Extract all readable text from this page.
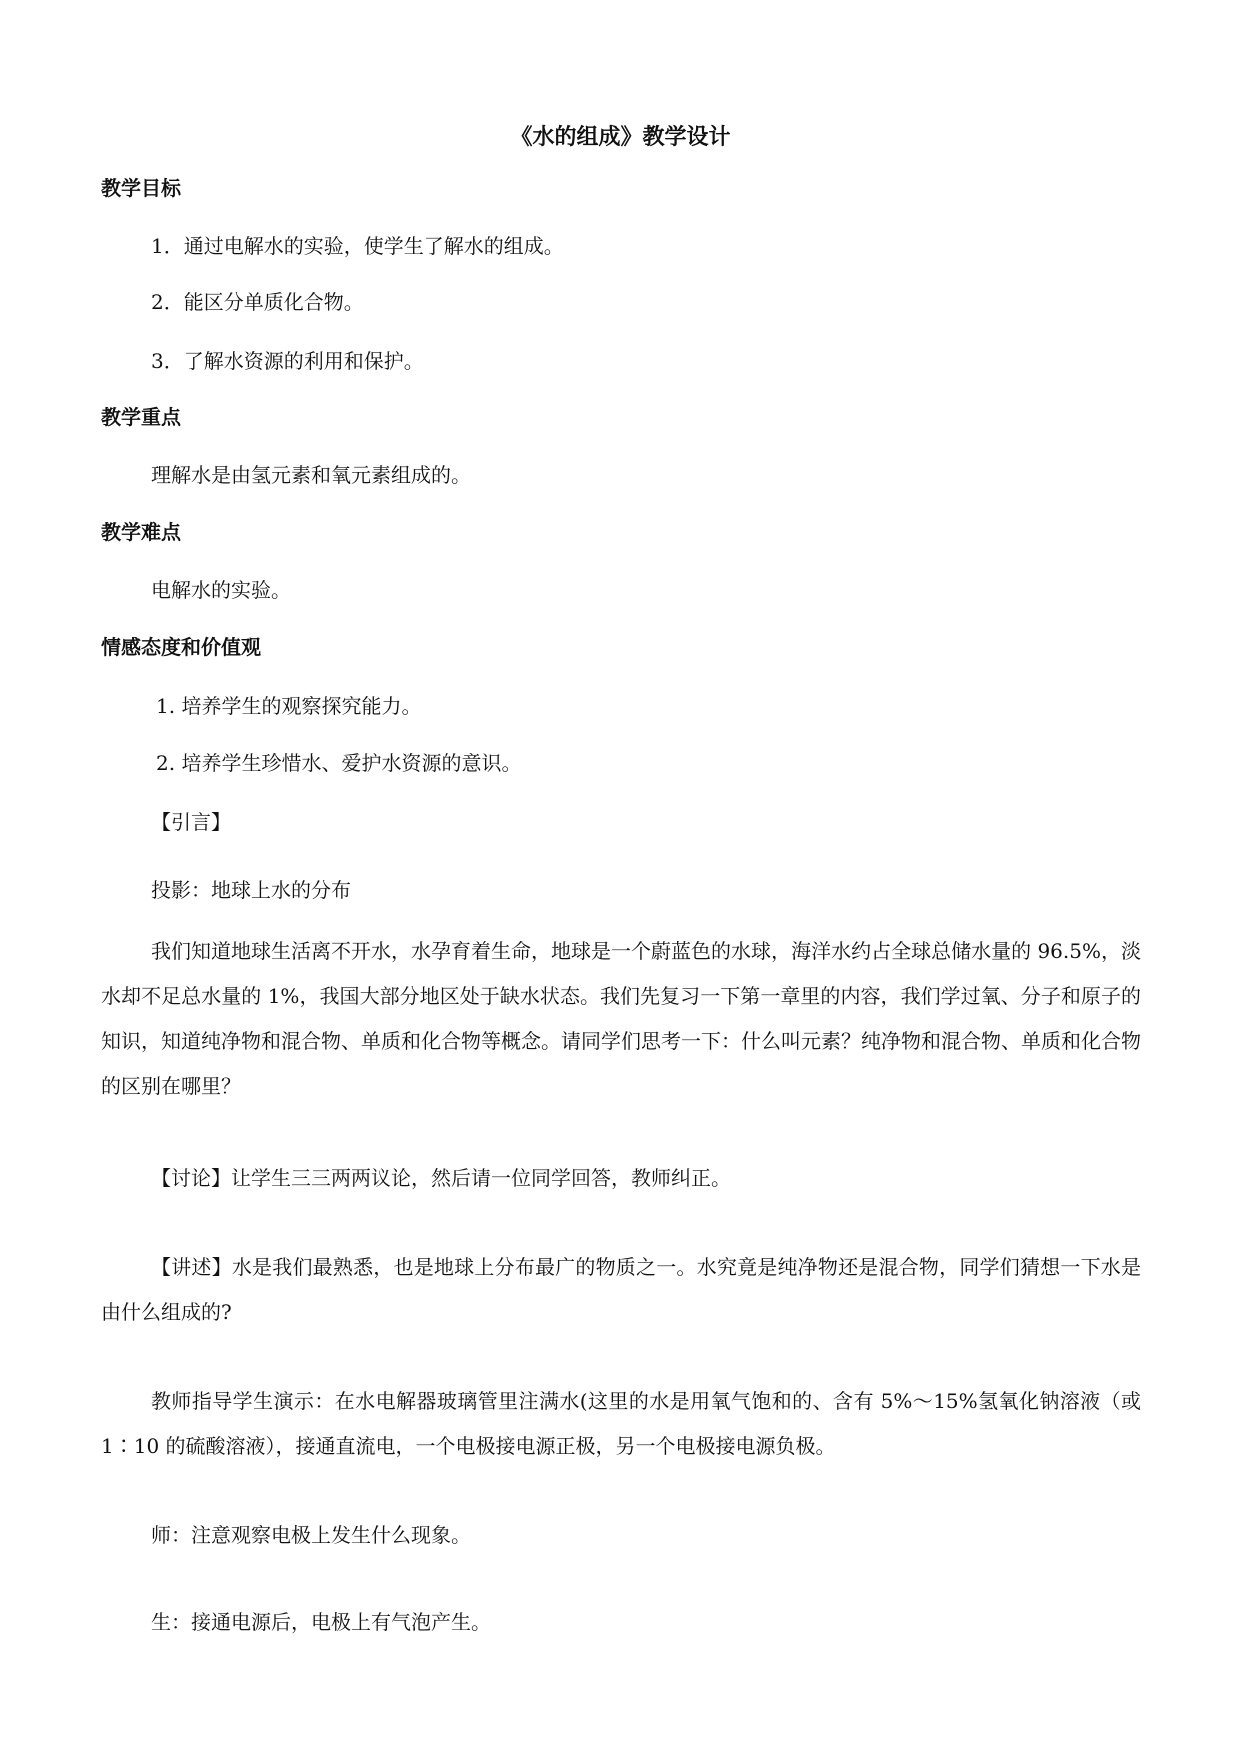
《水的组成》教学设计
教学目标
1．通过电解水的实验，使学生了解水的组成。
2．能区分单质化合物。
3．了解水资源的利用和保护。
教学重点
理解水是由氢元素和氧元素组成的。
教学难点
电解水的实验。
情感态度和价值观
1. 培养学生的观察探究能力。
2. 培养学生珍惜水、爱护水资源的意识。
【引言】
投影：地球上水的分布
我们知道地球生活离不开水，水孕育着生命，地球是一个蔚蓝色的水球，海洋水约占全球总储水量的 96.5%，淡水却不足总水量的 1%，我国大部分地区处于缺水状态。我们先复习一下第一章里的内容，我们学过氧、分子和原子的知识，知道纯净物和混合物、单质和化合物等概念。请同学们思考一下：什么叫元素？纯净物和混合物、单质和化合物的区别在哪里？
【讨论】让学生三三两两议论，然后请一位同学回答，教师纠正。
【讲述】水是我们最熟悉，也是地球上分布最广的物质之一。水究竟是纯净物还是混合物，同学们猜想一下水是由什么组成的?
教师指导学生演示：在水电解器玻璃管里注满水(这里的水是用氧气饱和的、含有 5%～15%氢氧化钠溶液（或 1∶10 的硫酸溶液），接通直流电，一个电极接电源正极，另一个电极接电源负极。
师：注意观察电极上发生什么现象。
生：接通电源后，电极上有气泡产生。
